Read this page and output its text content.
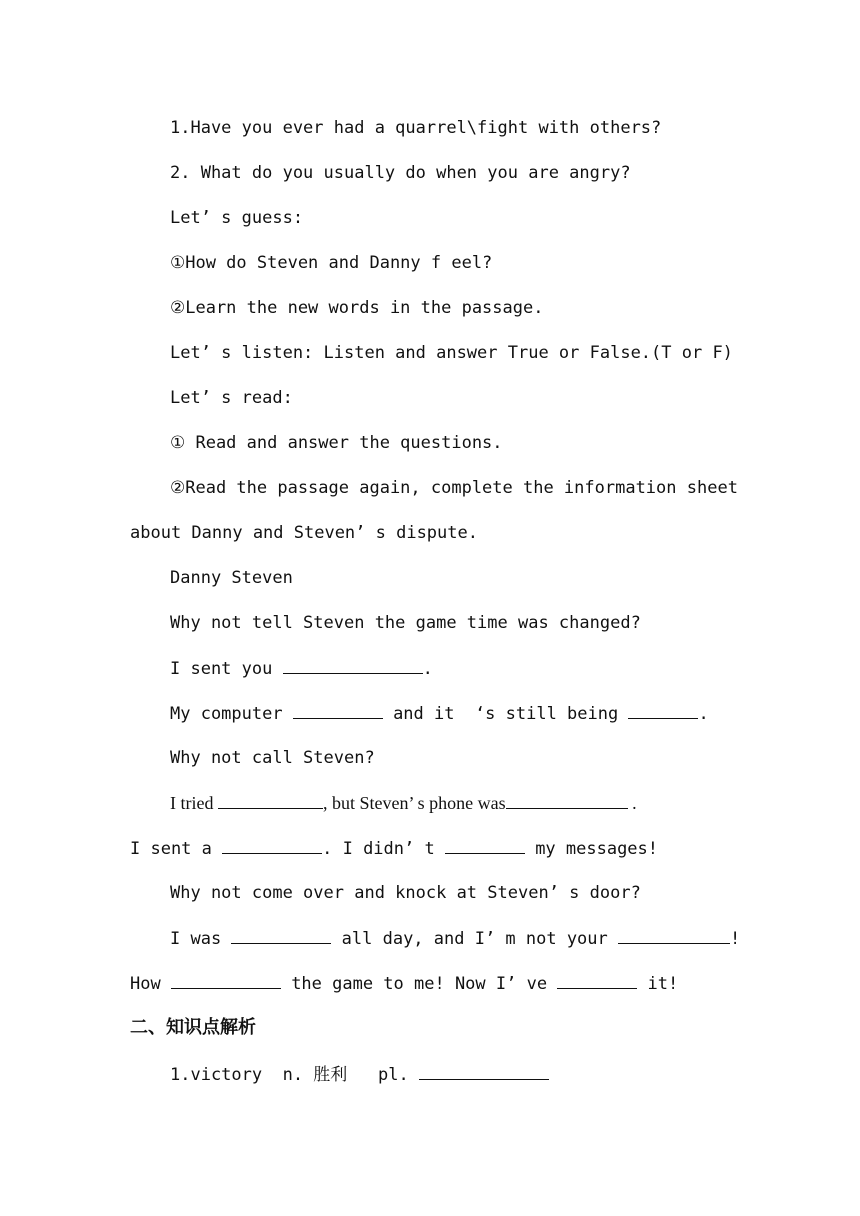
1.Have you ever had a quarrel\fight with others?
2. What do you usually do when you are angry?
Let’ s guess:
①How do Steven and Danny f eel?
②Learn the new words in the passage.
Let’ s listen: Listen and answer True or False.(T or F)
Let’ s read:
① Read and answer the questions.
②Read the passage again, complete the information sheet
about Danny and Steven’ s dispute.
Danny Steven
Why not tell Steven the game time was changed?
I sent you	.
My computer	and it  ‘s still being	.
Why not call Steven?
I tried	, but Steven’ s phone was	.
I sent a	. I didn’ t	my messages!
Why not come over and knock at Steven’ s door?
I was	all day, and I’ m not your	!
How	the game to me! Now I’ ve	it!
二、知识点解析
1.victory  n. 胜利   pl.
